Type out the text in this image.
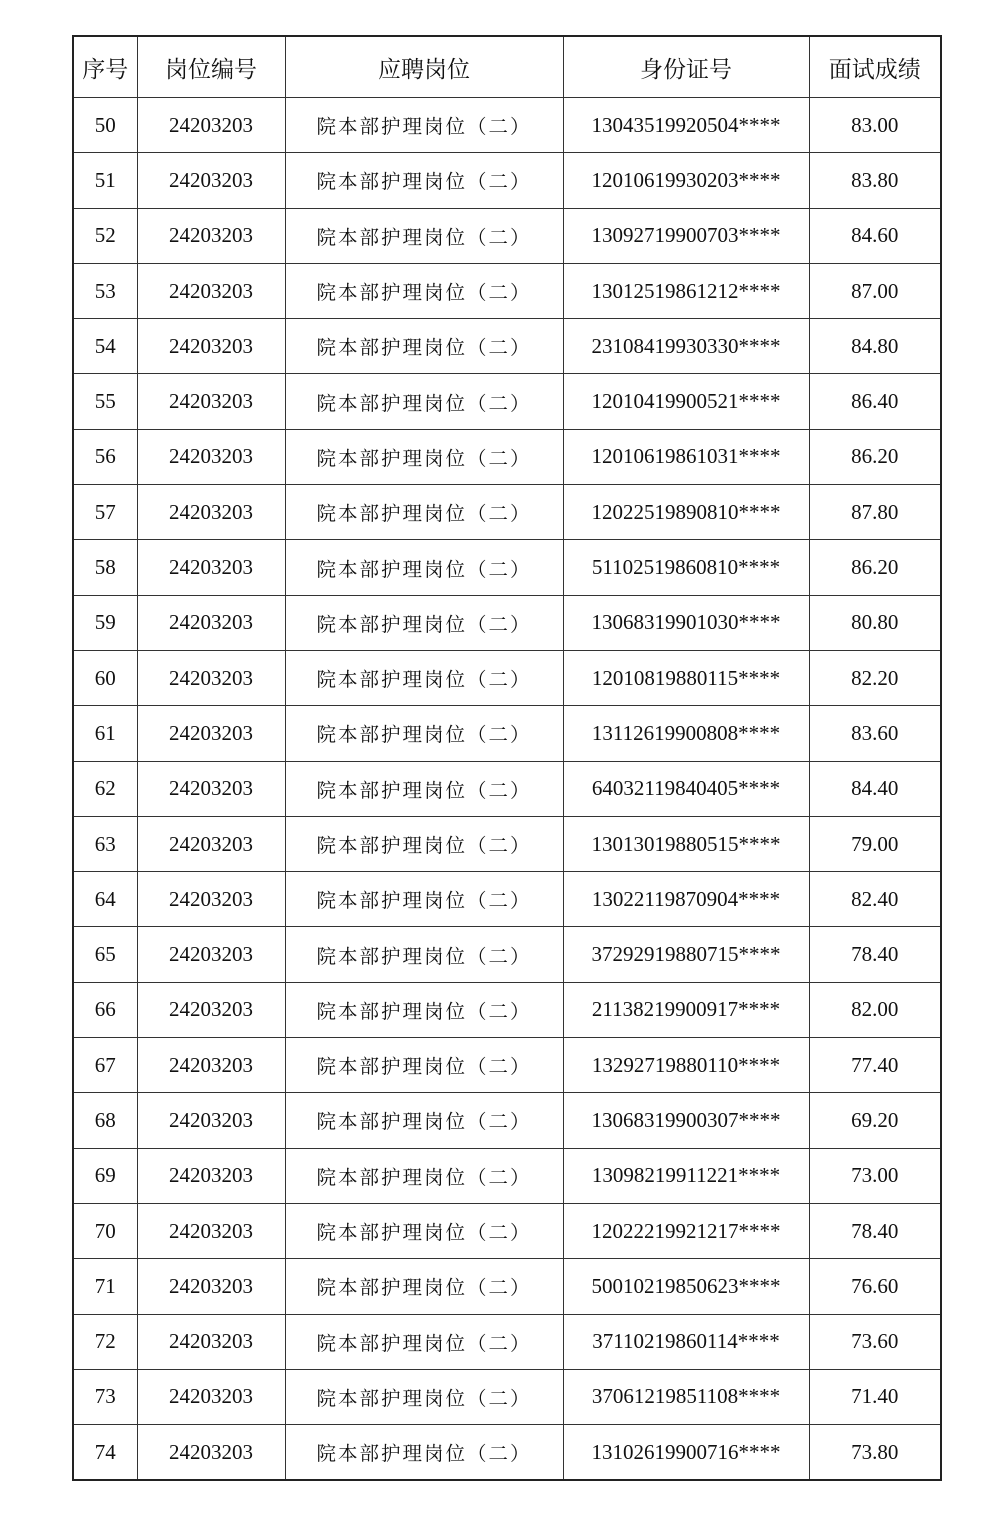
序号	岗位编号	应聘岗位	身份证号	面试成绩
50	24203203	院本部护理岗位（二）	13043519920504****	83.00
51	24203203	院本部护理岗位（二）	12010619930203****	83.80
52	24203203	院本部护理岗位（二）	13092719900703****	84.60
53	24203203	院本部护理岗位（二）	13012519861212****	87.00
54	24203203	院本部护理岗位（二）	23108419930330****	84.80
55	24203203	院本部护理岗位（二）	12010419900521****	86.40
56	24203203	院本部护理岗位（二）	12010619861031****	86.20
57	24203203	院本部护理岗位（二）	12022519890810****	87.80
58	24203203	院本部护理岗位（二）	51102519860810****	86.20
59	24203203	院本部护理岗位（二）	13068319901030****	80.80
60	24203203	院本部护理岗位（二）	12010819880115****	82.20
61	24203203	院本部护理岗位（二）	13112619900808****	83.60
62	24203203	院本部护理岗位（二）	64032119840405****	84.40
63	24203203	院本部护理岗位（二）	13013019880515****	79.00
64	24203203	院本部护理岗位（二）	13022119870904****	82.40
65	24203203	院本部护理岗位（二）	37292919880715****	78.40
66	24203203	院本部护理岗位（二）	21138219900917****	82.00
67	24203203	院本部护理岗位（二）	13292719880110****	77.40
68	24203203	院本部护理岗位（二）	13068319900307****	69.20
69	24203203	院本部护理岗位（二）	13098219911221****	73.00
70	24203203	院本部护理岗位（二）	12022219921217****	78.40
71	24203203	院本部护理岗位（二）	50010219850623****	76.60
72	24203203	院本部护理岗位（二）	37110219860114****	73.60
73	24203203	院本部护理岗位（二）	37061219851108****	71.40
74	24203203	院本部护理岗位（二）	13102619900716****	73.80
